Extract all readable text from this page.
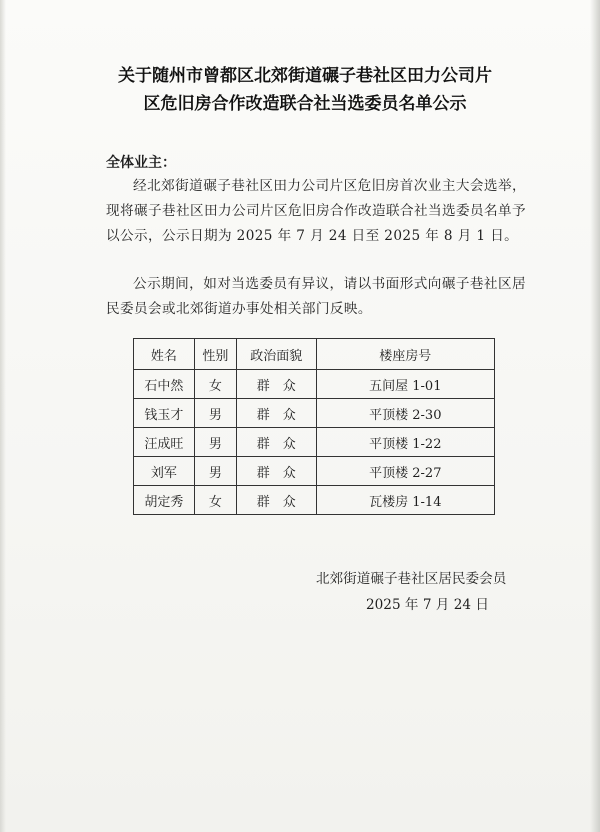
关于随州市曾都区北郊街道碾子巷社区田力公司片
区危旧房合作改造联合社当选委员名单公示
全体业主：
经北郊街道碾子巷社区田力公司片区危旧房首次业主大会选举，现将碾子巷社区田力公司片区危旧房合作改造联合社当选委员名单予以公示，公示日期为 2025 年 7 月 24 日至 2025 年 8 月 1 日。
公示期间，如对当选委员有异议，请以书面形式向碾子巷社区居民委员会或北郊街道办事处相关部门反映。
姓名	性别	政治面貌	楼座房号
石中然	女	群　众	五间屋 1-01
钱玉才	男	群　众	平顶楼 2-30
汪成旺	男	群　众	平顶楼 1-22
刘军	男	群　众	平顶楼 2-27
胡定秀	女	群　众	瓦楼房 1-14
北郊街道碾子巷社区居民委会员
2025 年 7 月 24 日
